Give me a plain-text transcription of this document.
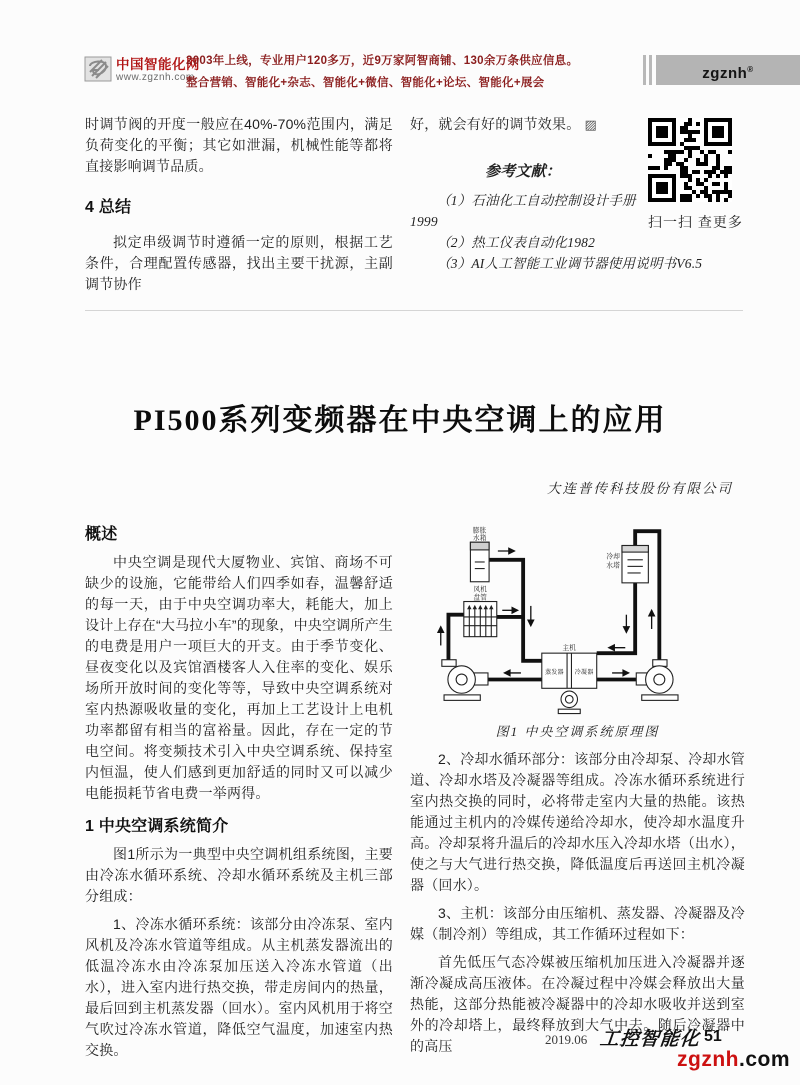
中国智能化网
www.zgznh.com
2003年上线，专业用户120多万，近9万家阿智商铺、130余万条供应信息。
整合营销、智能化+杂志、智能化+微信、智能化+论坛、智能化+展会
zgznh®

时调节阀的开度一般应在40%-70%范围内，满足负荷变化的平衡；其它如泄漏，机械性能等都将直接影响调节品质。

4 总结

拟定串级调节时遵循一定的原则，根据工艺条件，合理配置传感器，找出主要干扰源，主副调节协作

好，就会有好的调节效果。 ▨

参考文献：

（1）石油化工自动控制设计手册

1999

（2）热工仪表自动化1982

（3）AI人工智能工业调节器使用说明书V6.5

扫一扫 查更多
PI500系列变频器在中央空调上的应用
大连普传科技股份有限公司
概述

中央空调是现代大厦物业、宾馆、商场不可缺少的设施，它能带给人们四季如春，温馨舒适的每一天，由于中央空调功率大，耗能大，加上设计上存在“大马拉小车”的现象，中央空调所产生的电费是用户一项巨大的开支。由于季节变化、昼夜变化以及宾馆酒楼客人入住率的变化、娱乐场所开放时间的变化等等，导致中央空调系统对室内热源吸收量的变化，再加上工艺设计上电机功率都留有相当的富裕量。因此，存在一定的节电空间。将变频技术引入中央空调系统、保持室内恒温，使人们感到更加舒适的同时又可以减少电能损耗节省电费一举两得。

1 中央空调系统简介

图1所示为一典型中央空调机组系统图，主要由冷冻水循环系统、冷却水循环系统及主机三部分组成：

1、冷冻水循环系统：该部分由冷冻泵、室内风机及冷冻水管道等组成。从主机蒸发器流出的低温冷冻水由冷冻泵加压送入冷冻水管道（出水），进入室内进行热交换，带走房间内的热量，最后回到主机蒸发器（回水）。室内风机用于将空气吹过冷冻水管道，降低空气温度，加速室内热交换。

膨胀
水箱
风机
盘管
冷却
水塔
主机
蒸发器 冷凝器
图1 中央空调系统原理图

2、冷却水循环部分：该部分由冷却泵、冷却水管道、冷却水塔及冷凝器等组成。冷冻水循环系统进行室内热交换的同时，必将带走室内大量的热能。该热能通过主机内的冷媒传递给冷却水，使冷却水温度升高。冷却泵将升温后的冷却水压入冷却水塔（出水），使之与大气进行热交换，降低温度后再送回主机冷凝器（回水）。

3、主机：该部分由压缩机、蒸发器、冷凝器及冷媒（制冷剂）等组成，其工作循环过程如下：

首先低压气态冷媒被压缩机加压进入冷凝器并逐渐冷凝成高压液体。在冷凝过程中冷媒会释放出大量热能，这部分热能被冷凝器中的冷却水吸收并送到室外的冷却塔上，最终释放到大气中去。随后冷凝器中的高压	2019.06 工控智能化 51
zgznh.com
